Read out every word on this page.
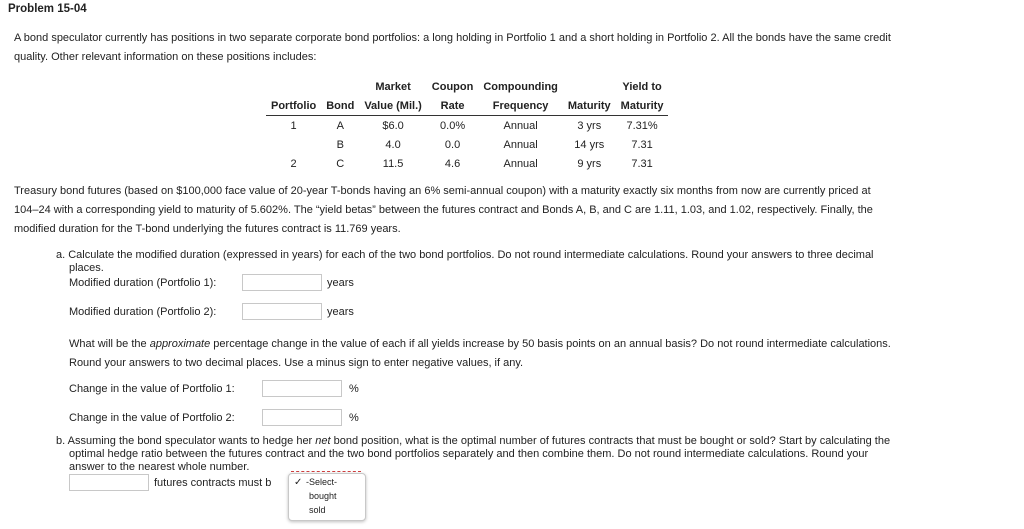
Problem 15-04
A bond speculator currently has positions in two separate corporate bond portfolios: a long holding in Portfolio 1 and a short holding in Portfolio 2. All the bonds have the same credit
quality. Other relevant information on these positions includes:
		Market	Coupon	Compounding		Yield to
Portfolio	Bond	Value (Mil.)	Rate	Frequency	Maturity	Maturity
1	A	$6.0	0.0%	Annual	3 yrs	7.31%
	B	4.0	0.0	Annual	14 yrs	7.31
2	C	11.5	4.6	Annual	9 yrs	7.31
Treasury bond futures (based on $100,000 face value of 20-year T-bonds having an 6% semi-annual coupon) with a maturity exactly six months from now are currently priced at
104–24 with a corresponding yield to maturity of 5.602%. The “yield betas” between the futures contract and Bonds A, B, and C are 1.11, 1.03, and 1.02, respectively. Finally, the
modified duration for the T-bond underlying the futures contract is 11.769 years.
a. Calculate the modified duration (expressed in years) for each of the two bond portfolios. Do not round intermediate calculations. Round your answers to three decimal
places.
Modified duration (Portfolio 1):	years
Modified duration (Portfolio 2):	years
What will be the approximate percentage change in the value of each if all yields increase by 50 basis points on an annual basis? Do not round intermediate calculations.
Round your answers to two decimal places. Use a minus sign to enter negative values, if any.
Change in the value of Portfolio 1:	%
Change in the value of Portfolio 2:	%
b. Assuming the bond speculator wants to hedge her net bond position, what is the optimal number of futures contracts that must be bought or sold? Start by calculating the
optimal hedge ratio between the futures contract and the two bond portfolios separately and then combine them. Do not round intermediate calculations. Round your
answer to the nearest whole number.
futures contracts must b ✓ -Select-
bought
sold
